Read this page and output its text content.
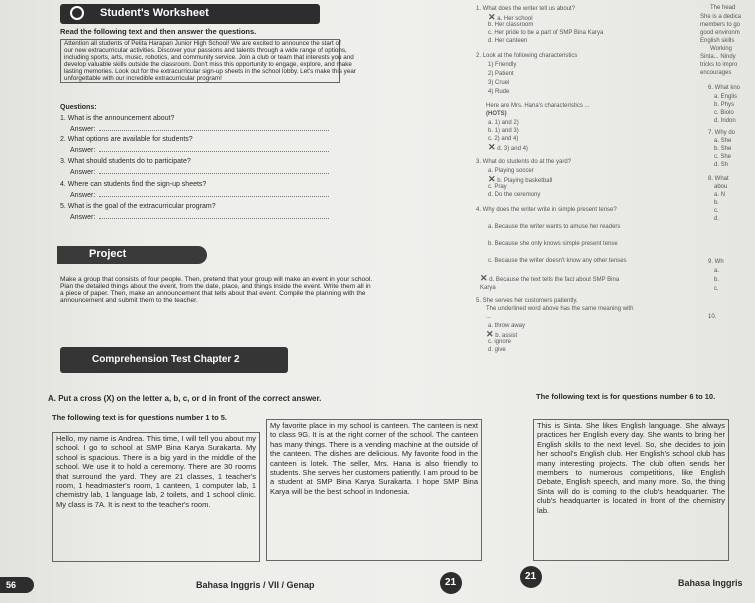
Student's Worksheet
Read the following text and then answer the questions.
Attention all students of Pelita Harapan Junior High School! We are excited to announce the start of
our new extracurricular activities. Discover your passions and talents through a wide range of options,
including sports, arts, music, robotics, and community service. Join a club or team that interests you and
develop valuable skills outside the classroom. Don't miss this opportunity to engage, explore, and make
lasting memories. Look out for the extracurricular sign-up sheets in the school lobby. Let's make this year
unforgettable with our incredible extracurricular program!
Questions:
1. What is the announcement about?
Answer:
2. What options are available for students?
Answer:
3. What should students do to participate?
Answer:
4. Where can students find the sign-up sheets?
Answer:
5. What is the goal of the extracurricular program?
Answer:
Project
Make a group that consists of four people. Then, pretend that your group will make an event in your school.
Plan the detailed things about the event, from the date, place, and things inside the event. Write them all in
a piece of paper. Then, make an announcement that tells about that event. Compile the planning with the
announcement and submit them to the teacher.
Comprehension Test Chapter 2
A. Put a cross (X) on the letter a, b, c, or d in front of the correct answer.
The following text is for questions number 1 to 5.

Hello, my name is Andrea. This time, I will tell you about my school. I go to school at SMP Bina Karya Surakarta. My school is spacious. There is a big yard in the middle of the school. We use it to hold a ceremony. There are 30 rooms that surround the yard. They are 21 classes, 1 teacher's room, 1 headmaster's room, 1 canteen, 1 computer lab, 1 chemistry lab, 1 language lab, 2 toilets, and 1 school clinic. My class is 7A. It is next to the teacher's room.

My favorite place in my school is canteen. The canteen is next to class 9G. It is at the right corner of the school. The canteen has many things. There is a vending machine at the outside of the canteen. The dishes are delicious. My favorite food in the canteen is lotek. The seller, Mrs. Hana is also friendly to students. She serves her customers patiently. I am proud to be a student at SMP Bina Karya Surakarta. I hope SMP Bina Karya will be the best school in Indonesia.

The following text is for questions number 6 to 10.

This is Sinta. She likes English language. She always practices her English every day. She wants to bring her English skills to the next level. So, she decides to join her school's English club. Her English's school club has many interesting projects. The club often sends her members to numerous competitions, like English Debate, English speech, and many more. So, the thing Sinta will do is coming to the club's headquarter. The club's headquarter is located in front of the chemistry lab.

1. What does the writer tell us about?
✕ a. Her school
b. Her classroom
c. Her pride to be a part of SMP Bina Karya
d. Her canteen
2. Look at the following characteristics
1) Friendly
2) Patient
3) Cruel
4) Rude
Here are Mrs. Hana's characteristics ...
(HOTS)
a. 1) and 2)
b. 1) and 3)
c. 2) and 4)
✕ d. 3) and 4)
3. What do students do at the yard?
a. Playing soccer
✕ b. Playing basketball
c. Pray
d. Do the ceremony
4. Why does the writer write in simple present tense?
a. Because the writer wants to amuse her readers
b. Because she only knows simple present tense
c. Because the writer doesn't know any other tenses
✕ d. Because the text tells the fact about SMP Bina Karya
5. She serves her customers patiently.
The underlined word above has the same meaning with ...
a. throw away
✕ b. assist
c. ignore
d. give
The head
She is a dedica
members to go
good environm
English skills
Working
Sinta... Nindy
tricks to impro
encourages
6. What kno
a. Englis
b. Phys
c. Biolo
d. Indon
7. Why do
a. She
b. She
c. She
d. Sh
8. What
abou
a. N
b.
c.
d.
9. Wh
a.
b.
c.
10.
56	Bahasa Inggris / VII / Genap	21
21
Bahasa Inggris
